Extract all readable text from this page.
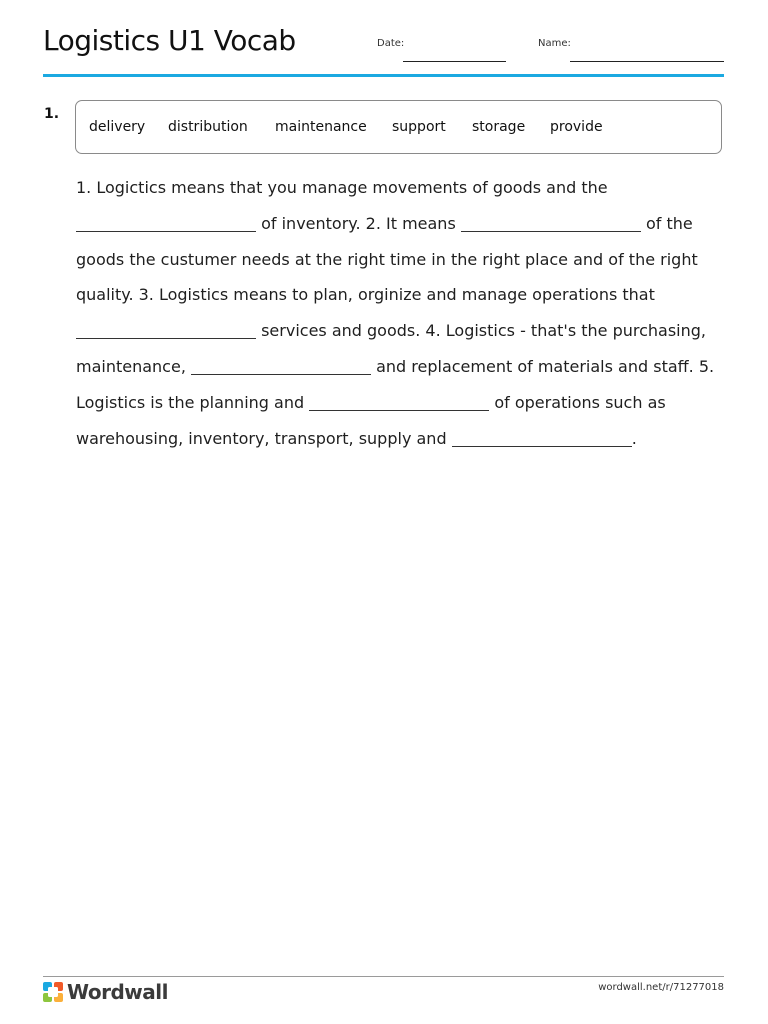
Logistics U1 Vocab	Date:	Name:
1.
delivery distribution maintenance support storage provide
1. Logictics means that you manage movements of goods and the  of inventory. 2. It means	of the goods the custumer needs at the right time in the right place and of the right quality. 3. Logistics means to plan, orginize and manage operations that  services and goods. 4. Logistics - that's the purchasing, maintenance,	and replacement of materials and staff. 5. Logistics is the planning and	of operations such as warehousing, inventory, transport, supply and	.
Wordwall	wordwall.net/r/71277018
